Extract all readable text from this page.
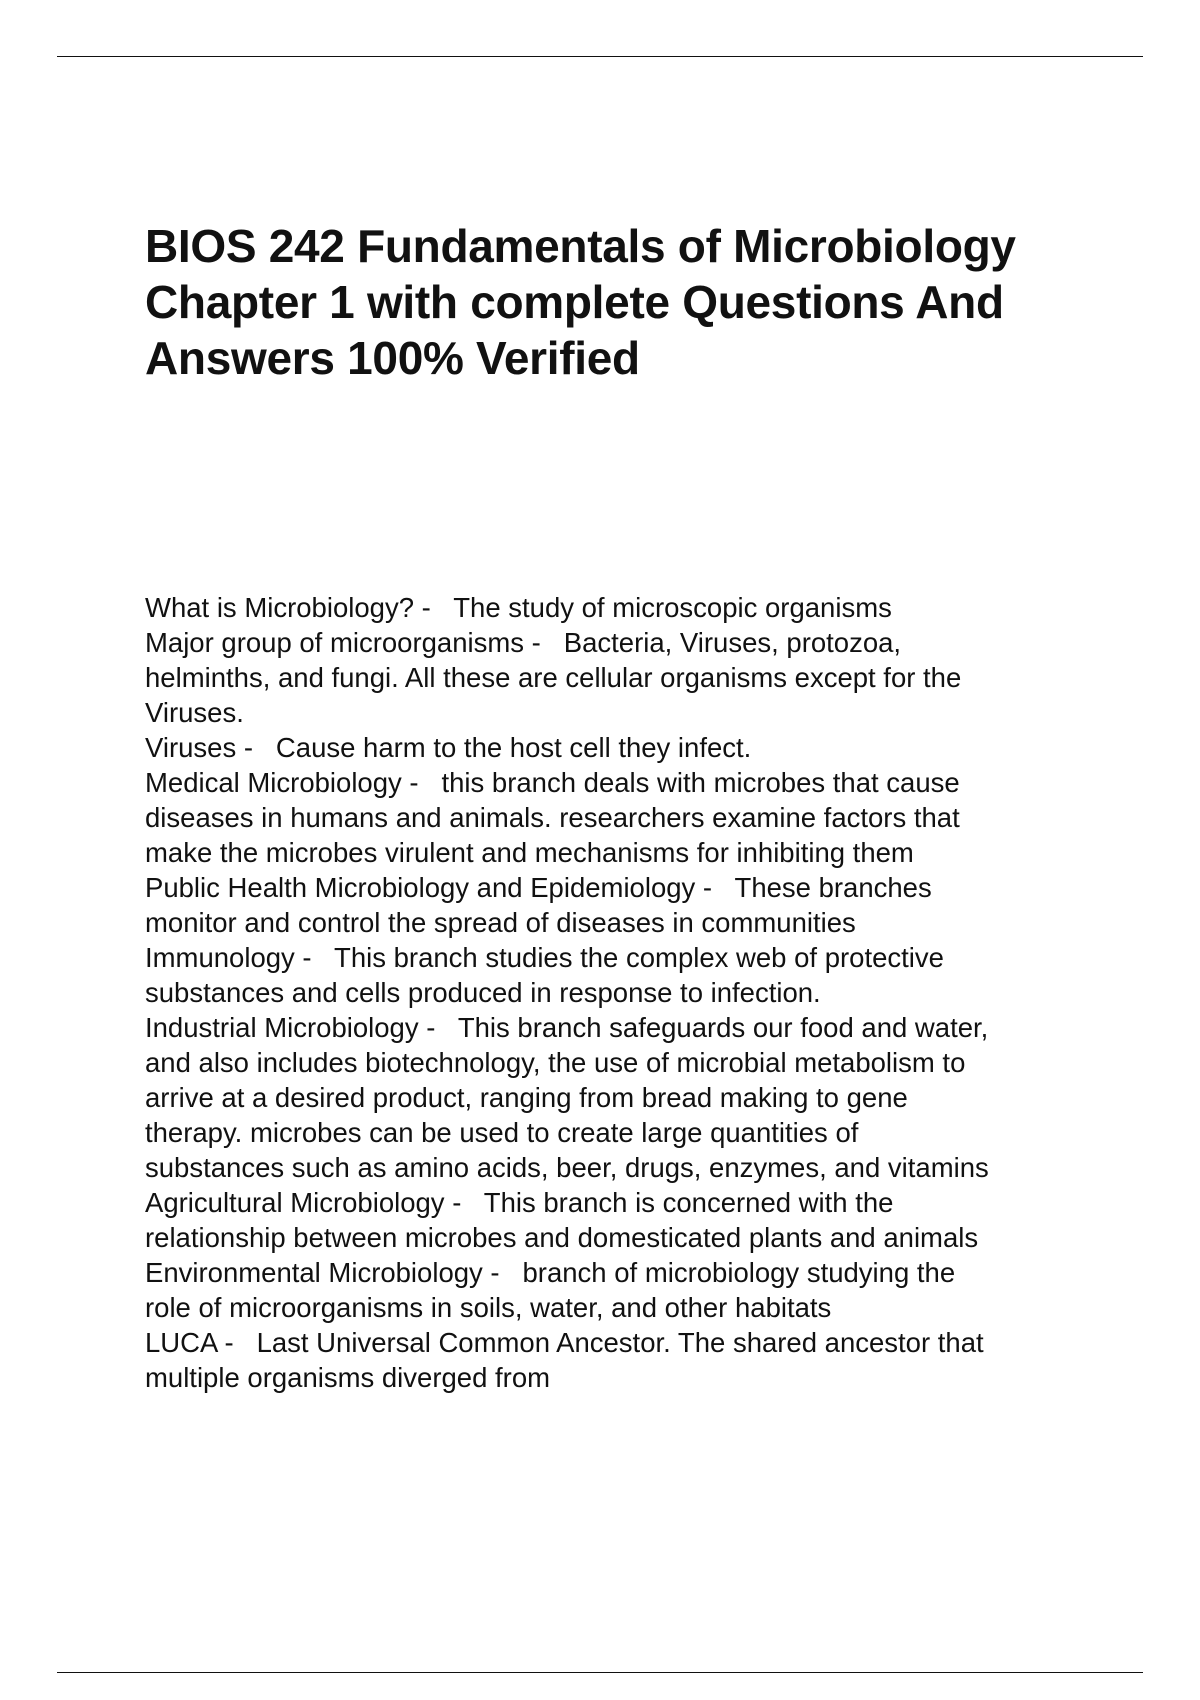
BIOS 242 Fundamentals of Microbiology
Chapter 1 with complete Questions And
Answers 100% Verified
What is Microbiology? - The study of microscopic organisms
Major group of microorganisms - Bacteria, Viruses, protozoa,
helminths, and fungi. All these are cellular organisms except for the
Viruses.
Viruses - Cause harm to the host cell they infect.
Medical Microbiology - this branch deals with microbes that cause
diseases in humans and animals. researchers examine factors that
make the microbes virulent and mechanisms for inhibiting them
Public Health Microbiology and Epidemiology - These branches
monitor and control the spread of diseases in communities
Immunology - This branch studies the complex web of protective
substances and cells produced in response to infection.
Industrial Microbiology - This branch safeguards our food and water,
and also includes biotechnology, the use of microbial metabolism to
arrive at a desired product, ranging from bread making to gene
therapy. microbes can be used to create large quantities of
substances such as amino acids, beer, drugs, enzymes, and vitamins
Agricultural Microbiology - This branch is concerned with the
relationship between microbes and domesticated plants and animals
Environmental Microbiology - branch of microbiology studying the
role of microorganisms in soils, water, and other habitats
LUCA - Last Universal Common Ancestor. The shared ancestor that
multiple organisms diverged from
